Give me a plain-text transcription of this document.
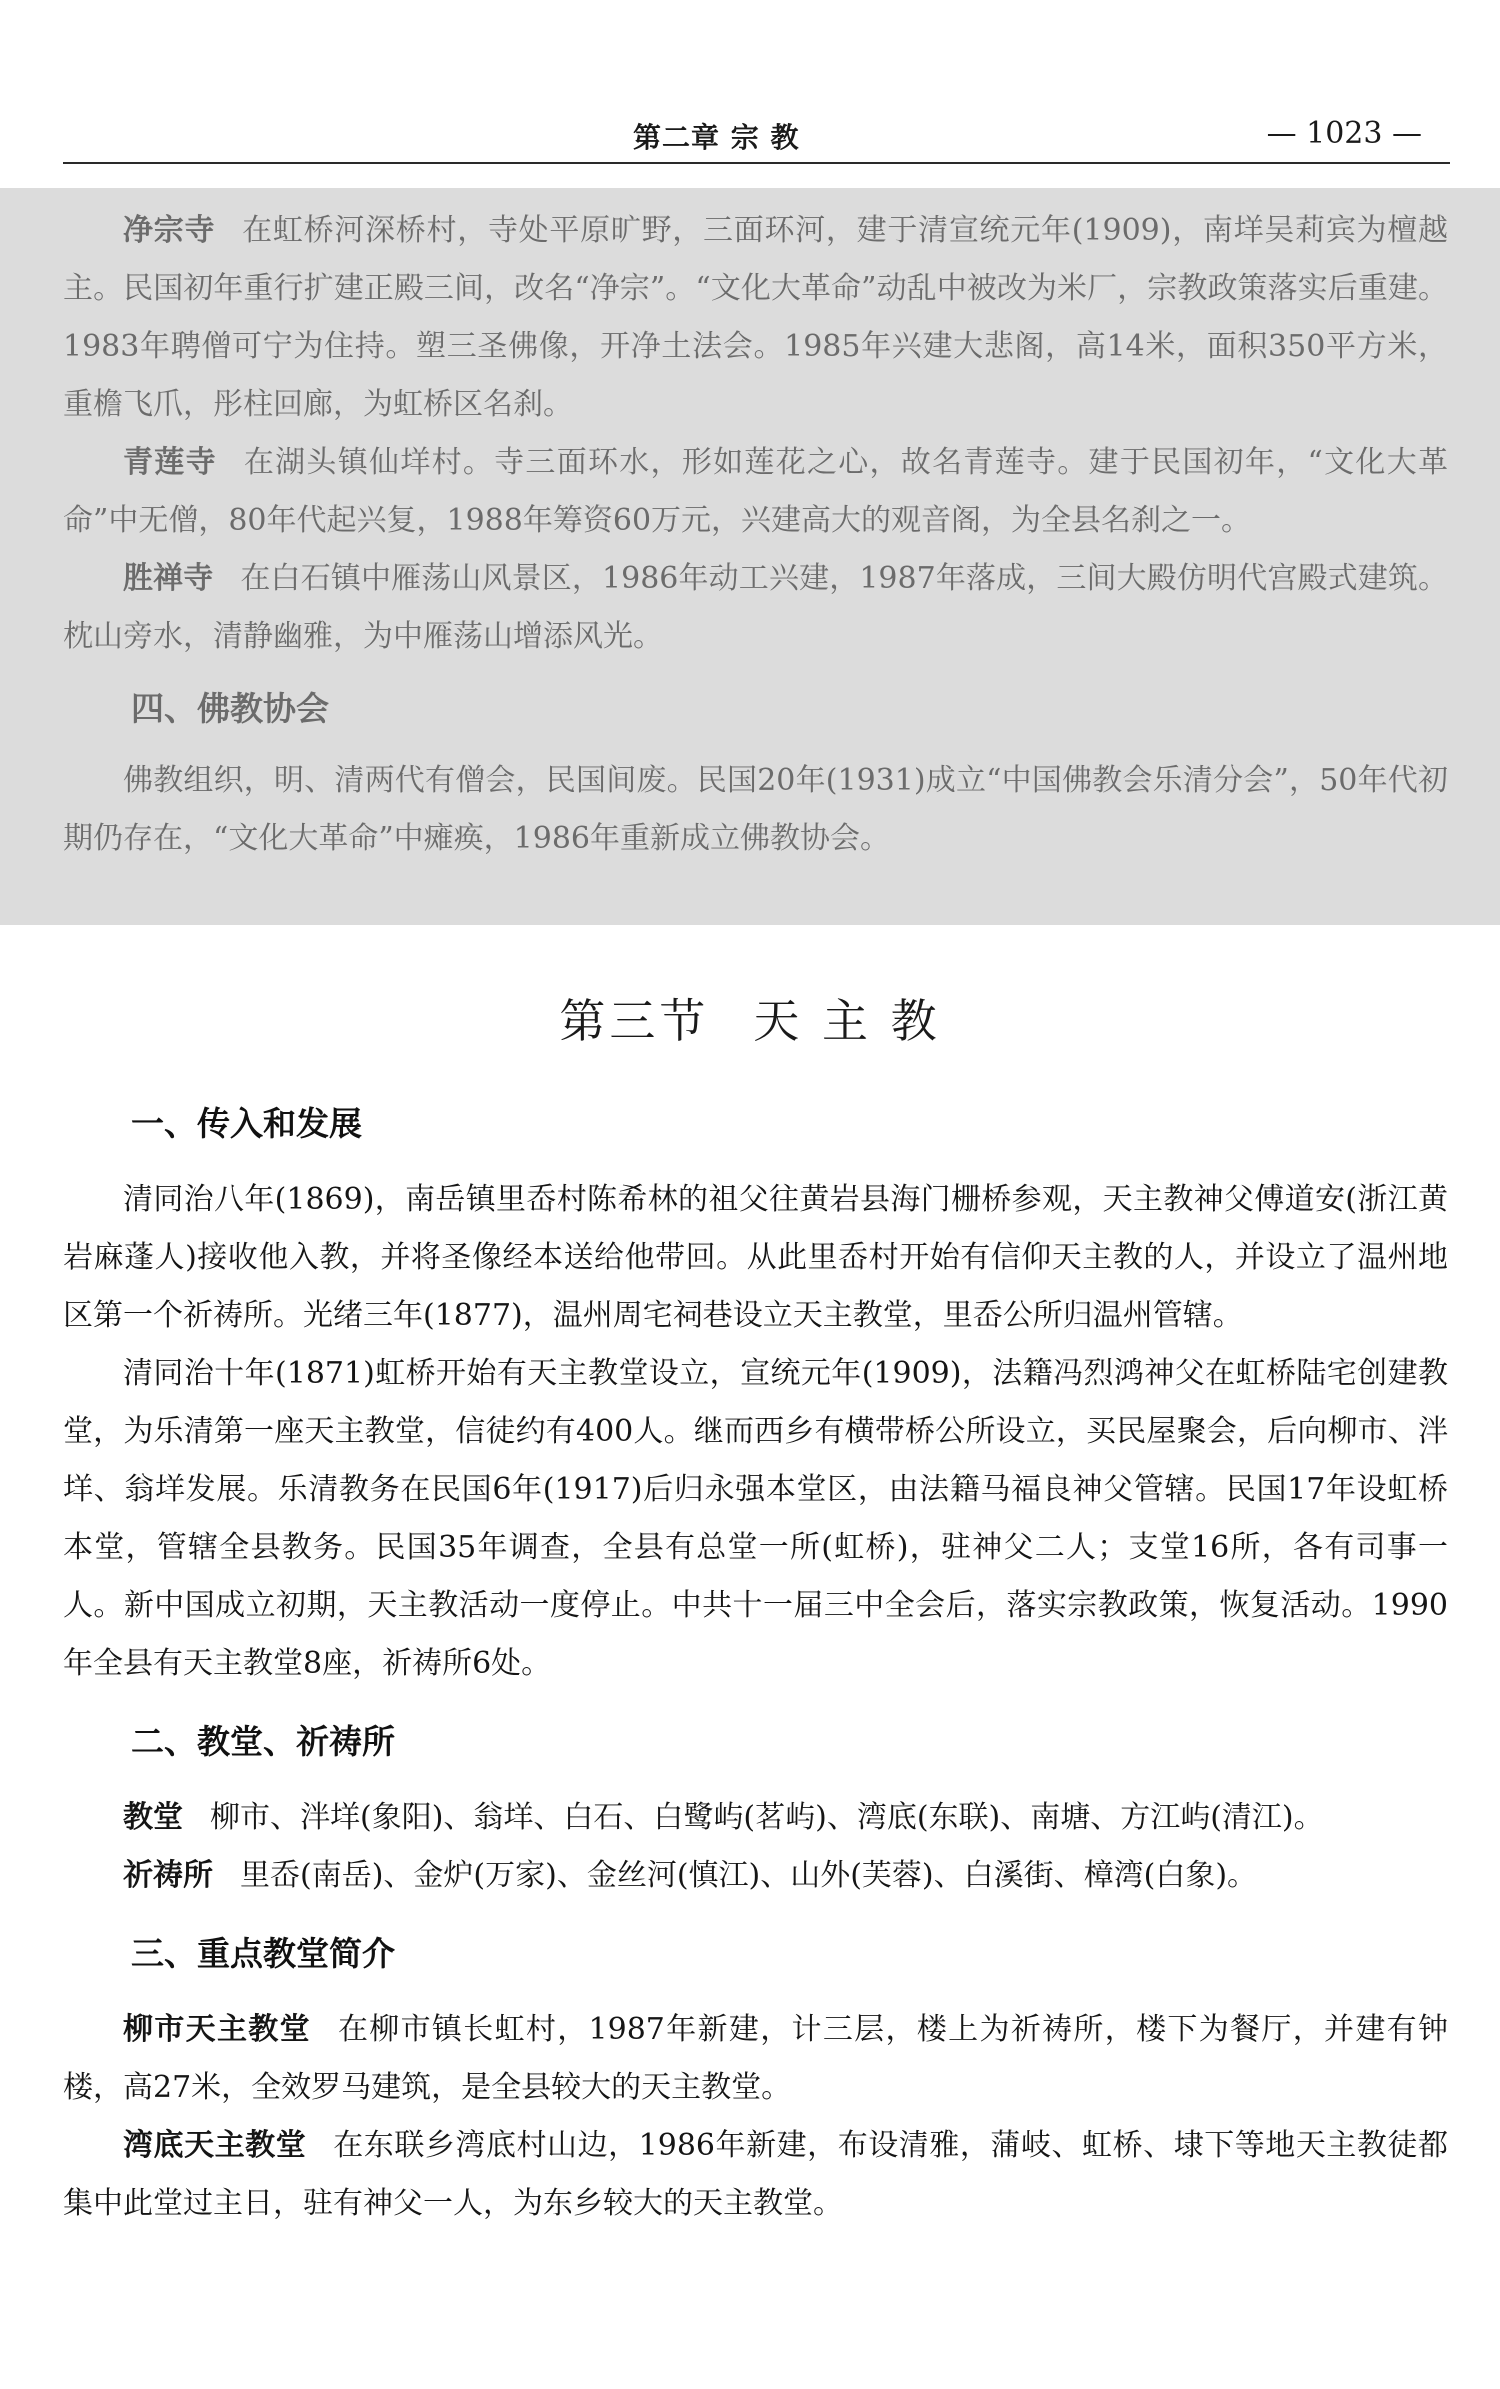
第二章 宗 教	— 1023 —

净宗寺 在虹桥河深桥村，寺处平原旷野，三面环河，建于清宣统元年(1909)，南垟吴莉宾为檀越主。民国初年重行扩建正殿三间，改名“净宗”。“文化大革命”动乱中被改为米厂，宗教政策落实后重建。1983年聘僧可宁为住持。塑三圣佛像，开净土法会。1985年兴建大悲阁，高14米，面积350平方米，重檐飞爪，彤柱回廊，为虹桥区名刹。

青莲寺 在湖头镇仙垟村。寺三面环水，形如莲花之心，故名青莲寺。建于民国初年，“文化大革命”中无僧，80年代起兴复，1988年筹资60万元，兴建高大的观音阁，为全县名刹之一。

胜禅寺 在白石镇中雁荡山风景区，1986年动工兴建，1987年落成，三间大殿仿明代宫殿式建筑。枕山旁水，清静幽雅，为中雁荡山增添风光。

四、佛教协会

佛教组织，明、清两代有僧会，民国间废。民国20年(1931)成立“中国佛教会乐清分会”，50年代初期仍存在，“文化大革命”中瘫痪，1986年重新成立佛教协会。

第三节 天 主 教
一、传入和发展

清同治八年(1869)，南岳镇里岙村陈希林的祖父往黄岩县海门栅桥参观，天主教神父傅道安(浙江黄岩麻蓬人)接收他入教，并将圣像经本送给他带回。从此里岙村开始有信仰天主教的人，并设立了温州地区第一个祈祷所。光绪三年(1877)，温州周宅祠巷设立天主教堂，里岙公所归温州管辖。

清同治十年(1871)虹桥开始有天主教堂设立，宣统元年(1909)，法籍冯烈鸿神父在虹桥陆宅创建教堂，为乐清第一座天主教堂，信徒约有400人。继而西乡有横带桥公所设立，买民屋聚会，后向柳市、泮垟、翁垟发展。乐清教务在民国6年(1917)后归永强本堂区，由法籍马福良神父管辖。民国17年设虹桥本堂，管辖全县教务。民国35年调查，全县有总堂一所(虹桥)，驻神父二人；支堂16所，各有司事一人。新中国成立初期，天主教活动一度停止。中共十一届三中全会后，落实宗教政策，恢复活动。1990年全县有天主教堂8座，祈祷所6处。

二、教堂、祈祷所

教堂 柳市、泮垟(象阳)、翁垟、白石、白鹭屿(茗屿)、湾底(东联)、南塘、方江屿(清江)。

祈祷所 里岙(南岳)、金炉(万家)、金丝河(慎江)、山外(芙蓉)、白溪街、樟湾(白象)。

三、重点教堂简介

柳市天主教堂 在柳市镇长虹村，1987年新建，计三层，楼上为祈祷所，楼下为餐厅，并建有钟楼，高27米，全效罗马建筑，是全县较大的天主教堂。

湾底天主教堂 在东联乡湾底村山边，1986年新建，布设清雅，蒲岐、虹桥、埭下等地天主教徒都集中此堂过主日，驻有神父一人，为东乡较大的天主教堂。
